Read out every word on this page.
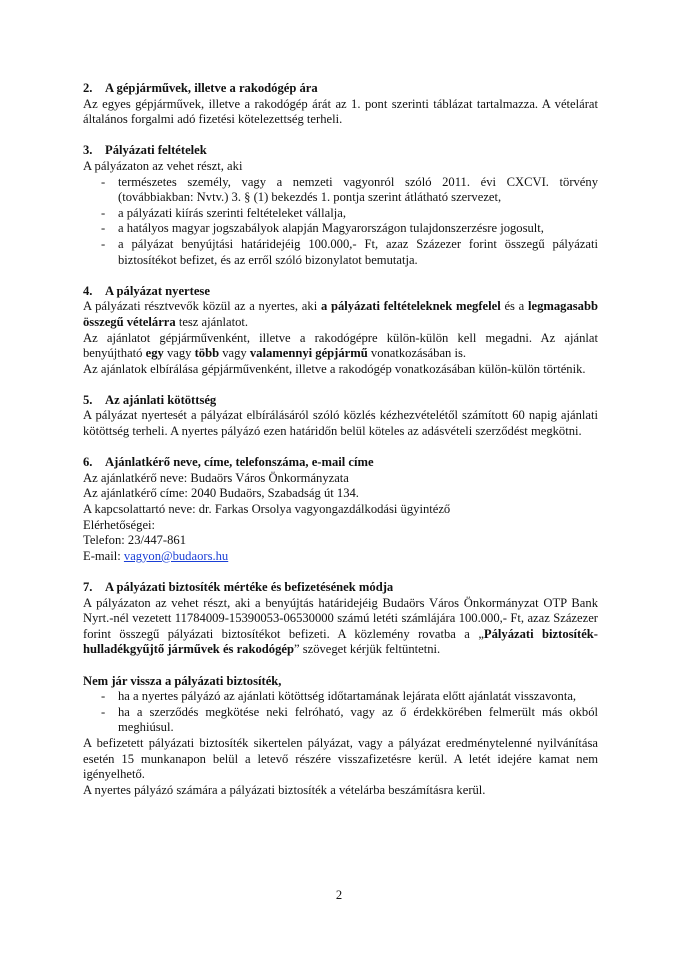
2. A gépjárművek, illetve a rakodógép ára

Az egyes gépjárművek, illetve a rakodógép árát az 1. pont szerinti táblázat tartalmazza. A vételárat általános forgalmi adó fizetési kötelezettség terheli.

3. Pályázati feltételek

A pályázaton az vehet részt, aki

-	természetes személy, vagy a nemzeti vagyonról szóló 2011. évi CXCVI. törvény (továbbiakban: Nvtv.) 3. § (1) bekezdés 1. pontja szerint átlátható szervezet,
-	a pályázati kiírás szerinti feltételeket vállalja,
-	a hatályos magyar jogszabályok alapján Magyarországon tulajdonszerzésre jogosult,
-	a pályázat benyújtási határidejéig 100.000,- Ft, azaz Százezer forint összegű pályázati biztosítékot befizet, és az erről szóló bizonylatot bemutatja.
4. A pályázat nyertese

A pályázati résztvevők közül az a nyertes, aki a pályázati feltételeknek megfelel és a legmagasabb összegű vételárra tesz ajánlatot.

Az ajánlatot gépjárművenként, illetve a rakodógépre külön-külön kell megadni. Az ajánlat benyújtható egy vagy több vagy valamennyi gépjármű vonatkozásában is.

Az ajánlatok elbírálása gépjárművenként, illetve a rakodógép vonatkozásában külön-külön történik.

5. Az ajánlati kötöttség

A pályázat nyertesét a pályázat elbírálásáról szóló közlés kézhezvételétől számított 60 napig ajánlati kötöttség terheli. A nyertes pályázó ezen határidőn belül köteles az adásvételi szerződést megkötni.

6. Ajánlatkérő neve, címe, telefonszáma, e-mail címe

Az ajánlatkérő neve: Budaörs Város Önkormányzata

Az ajánlatkérő címe: 2040 Budaörs, Szabadság út 134.

A kapcsolattartó neve: dr. Farkas Orsolya vagyongazdálkodási ügyintéző

Elérhetőségei:

Telefon: 23/447-861

E-mail: vagyon@budaors.hu

7. A pályázati biztosíték mértéke és befizetésének módja

A pályázaton az vehet részt, aki a benyújtás határidejéig Budaörs Város Önkormányzat OTP Bank Nyrt.-nél vezetett 11784009-15390053-06530000 számú letéti számlájára 100.000,- Ft, azaz Százezer forint összegű pályázati biztosítékot befizeti. A közlemény rovatba a „Pályázati biztosíték-hulladékgyűjtő járművek és rakodógép” szöveget kérjük feltüntetni.

Nem jár vissza a pályázati biztosíték,

-	ha a nyertes pályázó az ajánlati kötöttség időtartamának lejárata előtt ajánlatát visszavonta,
-	ha a szerződés megkötése neki felróható, vagy az ő érdekkörében felmerült más okból meghiúsul.

A befizetett pályázati biztosíték sikertelen pályázat, vagy a pályázat eredménytelenné nyilvánítása esetén 15 munkanapon belül a letevő részére visszafizetésre kerül. A letét idejére kamat nem igényelhető.

A nyertes pályázó számára a pályázati biztosíték a vételárba beszámításra kerül.

2
